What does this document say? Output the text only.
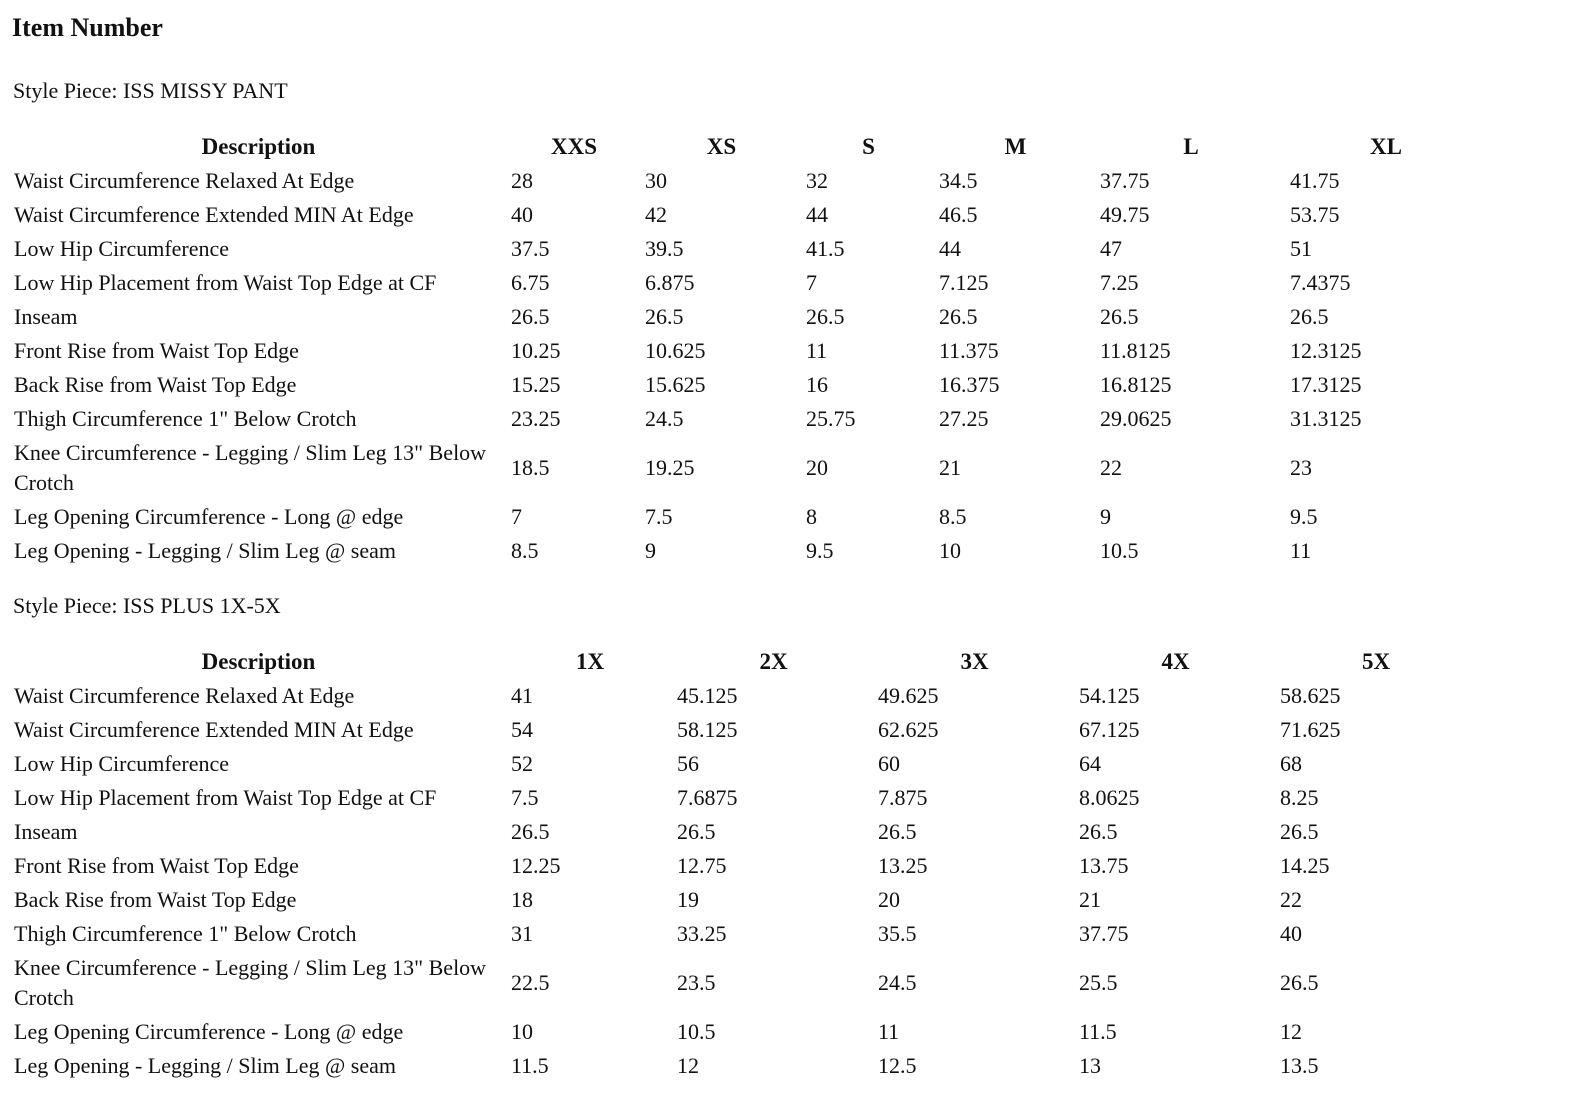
Item Number

Style Piece: ISS MISSY PANT

Description	XXS	XS	S	M	L	XL
Waist Circumference Relaxed At Edge	28	30	32	34.5	37.75	41.75
Waist Circumference Extended MIN At Edge	40	42	44	46.5	49.75	53.75
Low Hip Circumference	37.5	39.5	41.5	44	47	51
Low Hip Placement from Waist Top Edge at CF	6.75	6.875	7	7.125	7.25	7.4375
Inseam	26.5	26.5	26.5	26.5	26.5	26.5
Front Rise from Waist Top Edge	10.25	10.625	11	11.375	11.8125	12.3125
Back Rise from Waist Top Edge	15.25	15.625	16	16.375	16.8125	17.3125
Thigh Circumference 1" Below Crotch	23.25	24.5	25.75	27.25	29.0625	31.3125
Knee Circumference - Legging / Slim Leg 13" Below Crotch	18.5	19.25	20	21	22	23
Leg Opening Circumference - Long @ edge	7	7.5	8	8.5	9	9.5
Leg Opening - Legging / Slim Leg @ seam	8.5	9	9.5	10	10.5	11

Style Piece: ISS PLUS 1X-5X

Description	1X	2X	3X	4X	5X
Waist Circumference Relaxed At Edge	41	45.125	49.625	54.125	58.625
Waist Circumference Extended MIN At Edge	54	58.125	62.625	67.125	71.625
Low Hip Circumference	52	56	60	64	68
Low Hip Placement from Waist Top Edge at CF	7.5	7.6875	7.875	8.0625	8.25
Inseam	26.5	26.5	26.5	26.5	26.5
Front Rise from Waist Top Edge	12.25	12.75	13.25	13.75	14.25
Back Rise from Waist Top Edge	18	19	20	21	22
Thigh Circumference 1" Below Crotch	31	33.25	35.5	37.75	40
Knee Circumference - Legging / Slim Leg 13" Below Crotch	22.5	23.5	24.5	25.5	26.5
Leg Opening Circumference - Long @ edge	10	10.5	11	11.5	12
Leg Opening - Legging / Slim Leg @ seam	11.5	12	12.5	13	13.5
